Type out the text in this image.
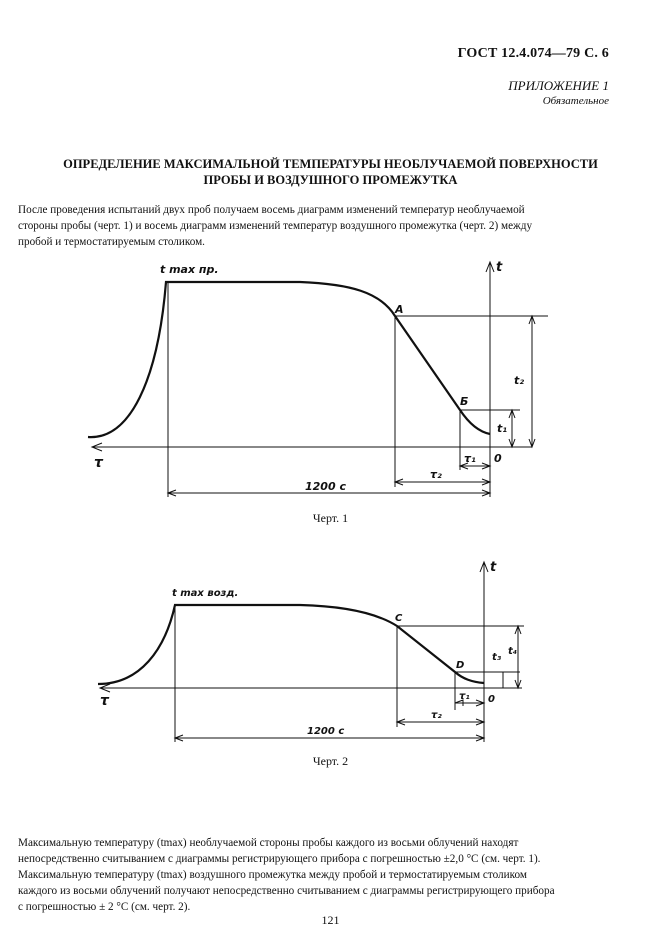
ГОСТ 12.4.074—79 С. 6
ПРИЛОЖЕНИЕ 1
Обязательное
ОПРЕДЕЛЕНИЕ МАКСИМАЛЬНОЙ ТЕМПЕРАТУРЫ НЕОБЛУЧАЕМОЙ ПОВЕРХНОСТИ
ПРОБЫ И ВОЗДУШНОГО ПРОМЕЖУТКА
После проведения испытаний двух проб получаем восемь диаграмм изменений температур необлучаемой
стороны пробы (черт. 1) и восемь диаграмм изменений температур воздушного промежутка (черт. 2) между
пробой и термостатируемым столиком.
t max пр.
A
Б
t
τ	0
t₂
t₁
τ₁
τ₂
1200 с
Черт. 1
t max возд.
C
D
t
τ	0
t₃
t₄
τ₁
τ₂
1200 с
Черт. 2
Максимальную температуру (tmax) необлучаемой стороны пробы каждого из восьми облучений находят
непосредственно считыванием с диаграммы регистрирующего прибора с погрешностью ±2,0 °С (см. черт. 1).
Максимальную температуру (tmax) воздушного промежутка между пробой и термостатируемым столиком
каждого из восьми облучений получают непосредственно считыванием с диаграммы регистрирующего прибора
с погрешностью ± 2 °С (см. черт. 2).
121
